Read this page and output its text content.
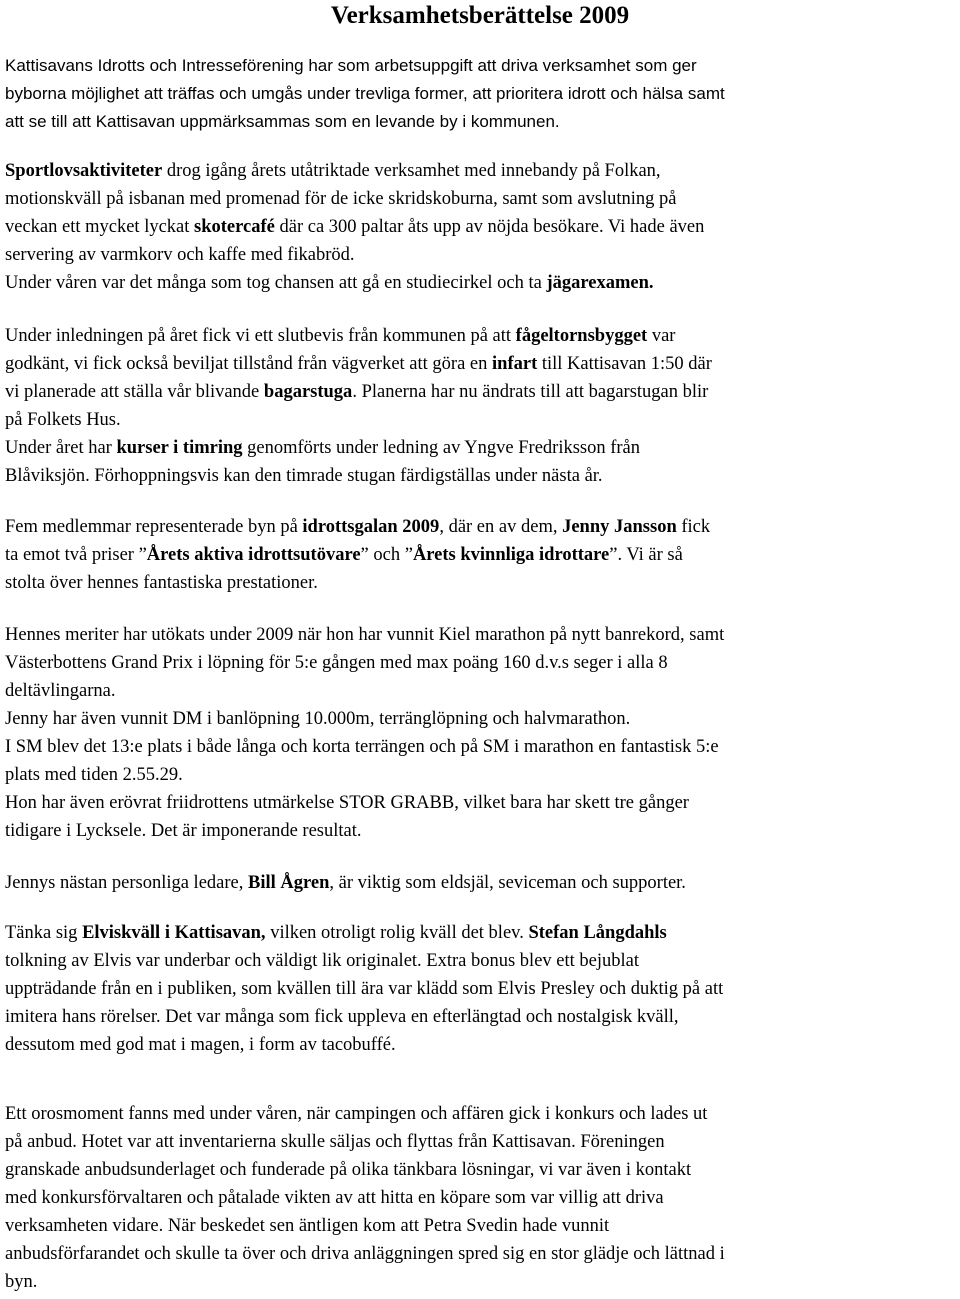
Verksamhetsberättelse 2009
Kattisavans Idrotts och Intresseförening har som arbetsuppgift att driva verksamhet som ger
byborna möjlighet att träffas och umgås under trevliga former, att prioritera idrott och hälsa samt
att se till att Kattisavan uppmärksammas som en levande by i kommunen.
Sportlovsaktiviteter drog igång årets utåtriktade verksamhet med innebandy på Folkan,
motionskväll på isbanan med promenad för de icke skridskoburna, samt som avslutning på
veckan ett mycket lyckat skotercafé där ca 300 paltar åts upp av nöjda besökare. Vi hade även
servering av varmkorv och kaffe med fikabröd.
Under våren var det många som tog chansen att gå en studiecirkel och ta jägarexamen.
Under inledningen på året fick vi ett slutbevis från kommunen på att fågeltornsbygget var
godkänt, vi fick också beviljat tillstånd från vägverket att göra en infart till Kattisavan 1:50 där
vi planerade att ställa vår blivande bagarstuga. Planerna har nu ändrats till att bagarstugan blir
på Folkets Hus.
Under året har kurser i timring genomförts under ledning av Yngve Fredriksson från
Blåviksjön. Förhoppningsvis kan den timrade stugan färdigställas under nästa år.
Fem medlemmar representerade byn på idrottsgalan 2009, där en av dem, Jenny Jansson fick
ta emot två priser ”Årets aktiva idrottsutövare” och ”Årets kvinnliga idrottare”. Vi är så
stolta över hennes fantastiska prestationer.
Hennes meriter har utökats under 2009 när hon har vunnit Kiel marathon på nytt banrekord, samt
Västerbottens Grand Prix i löpning för 5:e gången med max poäng 160 d.v.s seger i alla 8
deltävlingarna.
Jenny har även vunnit DM i banlöpning 10.000m, terränglöpning och halvmarathon.
I SM blev det 13:e plats i både långa och korta terrängen och på SM i marathon en fantastisk 5:e
plats med tiden 2.55.29.
Hon har även erövrat friidrottens utmärkelse STOR GRABB, vilket bara har skett tre gånger
tidigare i Lycksele. Det är imponerande resultat.
Jennys nästan personliga ledare, Bill Ågren, är viktig som eldsjäl, seviceman och supporter.
Tänka sig Elviskväll i Kattisavan, vilken otroligt rolig kväll det blev. Stefan Långdahls
tolkning av Elvis var underbar och väldigt lik originalet. Extra bonus blev ett bejublat
uppträdande från en i publiken, som kvällen till ära var klädd som Elvis Presley och duktig på att
imitera hans rörelser. Det var många som fick uppleva en efterlängtad och nostalgisk kväll,
dessutom med god mat i magen, i form av tacobuffé.
Ett orosmoment fanns med under våren, när campingen och affären gick i konkurs och lades ut
på anbud. Hotet var att inventarierna skulle säljas och flyttas från Kattisavan. Föreningen
granskade anbudsunderlaget och funderade på olika tänkbara lösningar, vi var även i kontakt
med konkursförvaltaren och påtalade vikten av att hitta en köpare som var villig att driva
verksamheten vidare. När beskedet sen äntligen kom att Petra Svedin hade vunnit
anbudsförfarandet och skulle ta över och driva anläggningen spred sig en stor glädje och lättnad i
byn.
